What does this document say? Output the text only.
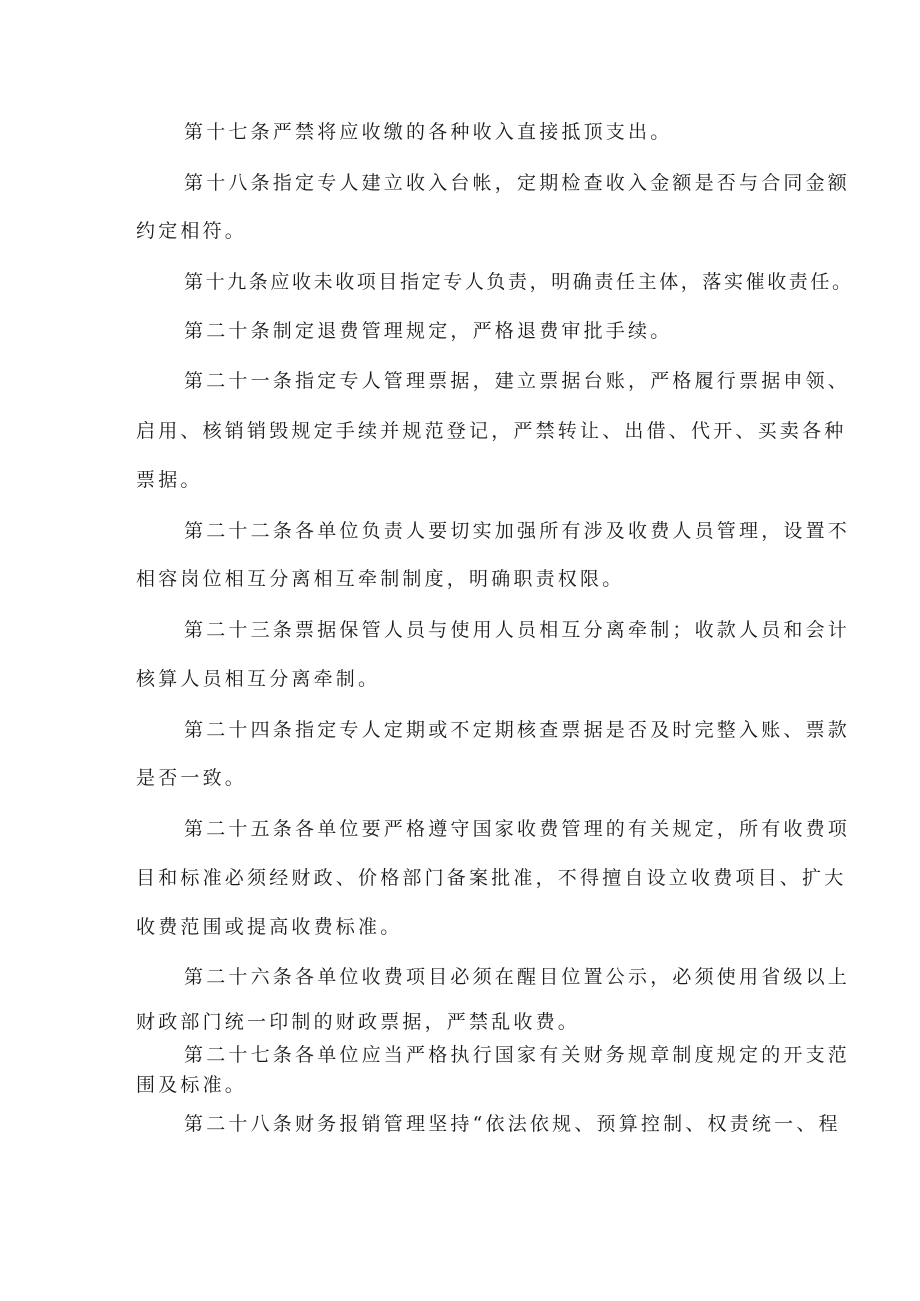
第十七条严禁将应收缴的各种收入直接抵顶支出。
第十八条指定专人建立收入台帐，定期检查收入金额是否与合同金额
约定相符。
第十九条应收未收项目指定专人负责，明确责任主体，落实催收责任。
第二十条制定退费管理规定，严格退费审批手续。
第二十一条指定专人管理票据，建立票据台账，严格履行票据申领、
启用、核销销毁规定手续并规范登记，严禁转让、出借、代开、买卖各种
票据。
第二十二条各单位负责人要切实加强所有涉及收费人员管理，设置不
相容岗位相互分离相互牵制制度，明确职责权限。
第二十三条票据保管人员与使用人员相互分离牵制；收款人员和会计
核算人员相互分离牵制。
第二十四条指定专人定期或不定期核查票据是否及时完整入账、票款
是否一致。
第二十五条各单位要严格遵守国家收费管理的有关规定，所有收费项
目和标准必须经财政、价格部门备案批准，不得擅自设立收费项目、扩大
收费范围或提高收费标准。
第二十六条各单位收费项目必须在醒目位置公示，必须使用省级以上
财政部门统一印制的财政票据，严禁乱收费。
第二十七条各单位应当严格执行国家有关财务规章制度规定的开支范
围及标准。
第二十八条财务报销管理坚持“依法依规、预算控制、权责统一、程
